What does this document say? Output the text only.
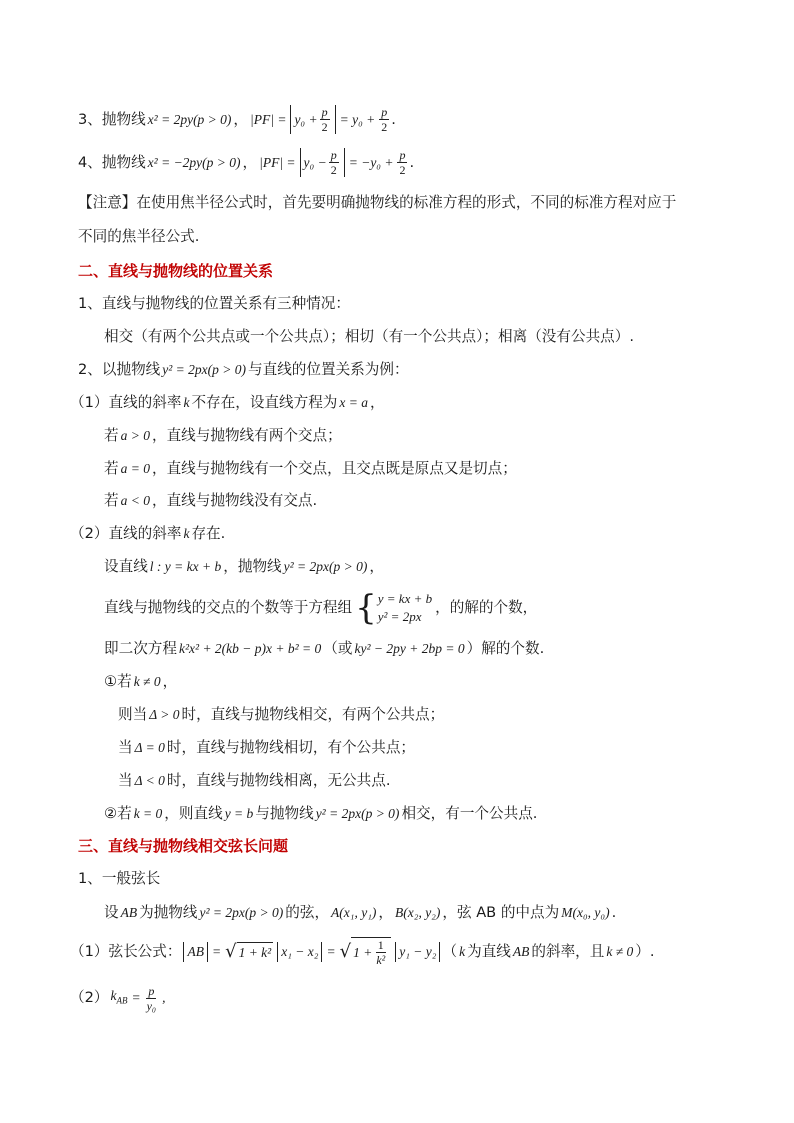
3、抛物线 x² = 2py(p > 0) ， $|PF| = y_0 + \frac{p}{2} = y_0 + \frac{p}{2}$ .
4、抛物线 x² = −2py(p > 0) ， $|PF| = y_0 - \frac{p}{2} = -y_0 + \frac{p}{2}$ .
【注意】在使用焦半径公式时，首先要明确抛物线的标准方程的形式，不同的标准方程对应于
不同的焦半径公式.
二、直线与抛物线的位置关系
1、直线与抛物线的位置关系有三种情况：
相交（有两个公共点或一个公共点）；相切（有一个公共点）；相离（没有公共点）.
2、以抛物线 y² = 2px(p > 0) 与直线的位置关系为例：
（1）直线的斜率 k 不存在，设直线方程为 x = a ，
若 a > 0 ，直线与抛物线有两个交点；
若 a = 0 ，直线与抛物线有一个交点，且交点既是原点又是切点；
若 a < 0 ，直线与抛物线没有交点.
（2）直线的斜率 k 存在.
设直线 l : y = kx + b ，抛物线 y² = 2px(p > 0) ，
直线与抛物线的交点的个数等于方程组 { y = kx + b
y² = 2px
，的解的个数，
即二次方程 k²x² + 2(kb − p)x + b² = 0 （或 ky² − 2py + 2bp = 0 ）解的个数.
①若 k ≠ 0 ，
则当 Δ > 0 时，直线与抛物线相交，有两个公共点；
当 Δ = 0 时，直线与抛物线相切，有个公共点；
当 Δ < 0 时，直线与抛物线相离，无公共点.
②若 k = 0 ，则直线 y = b 与抛物线 y² = 2px(p > 0) 相交，有一个公共点.
三、直线与抛物线相交弦长问题
1、一般弦长
设 AB 为抛物线 y² = 2px(p > 0) 的弦， A(x₁, y₁) ， B(x₂, y₂) ，弦 AB 的中点为 M(x₀, y₀) .
（1）弦长公式： AB = √ 1 + k² x₁ − x₂ = √ $1 + \frac{1}{\text{k²}} y_1 - y_2$ （ k 为直线 AB 的斜率，且 k ≠ 0 ）.
（2） $k_{AB} = \frac{p}{\text{y₀}}$ ,
